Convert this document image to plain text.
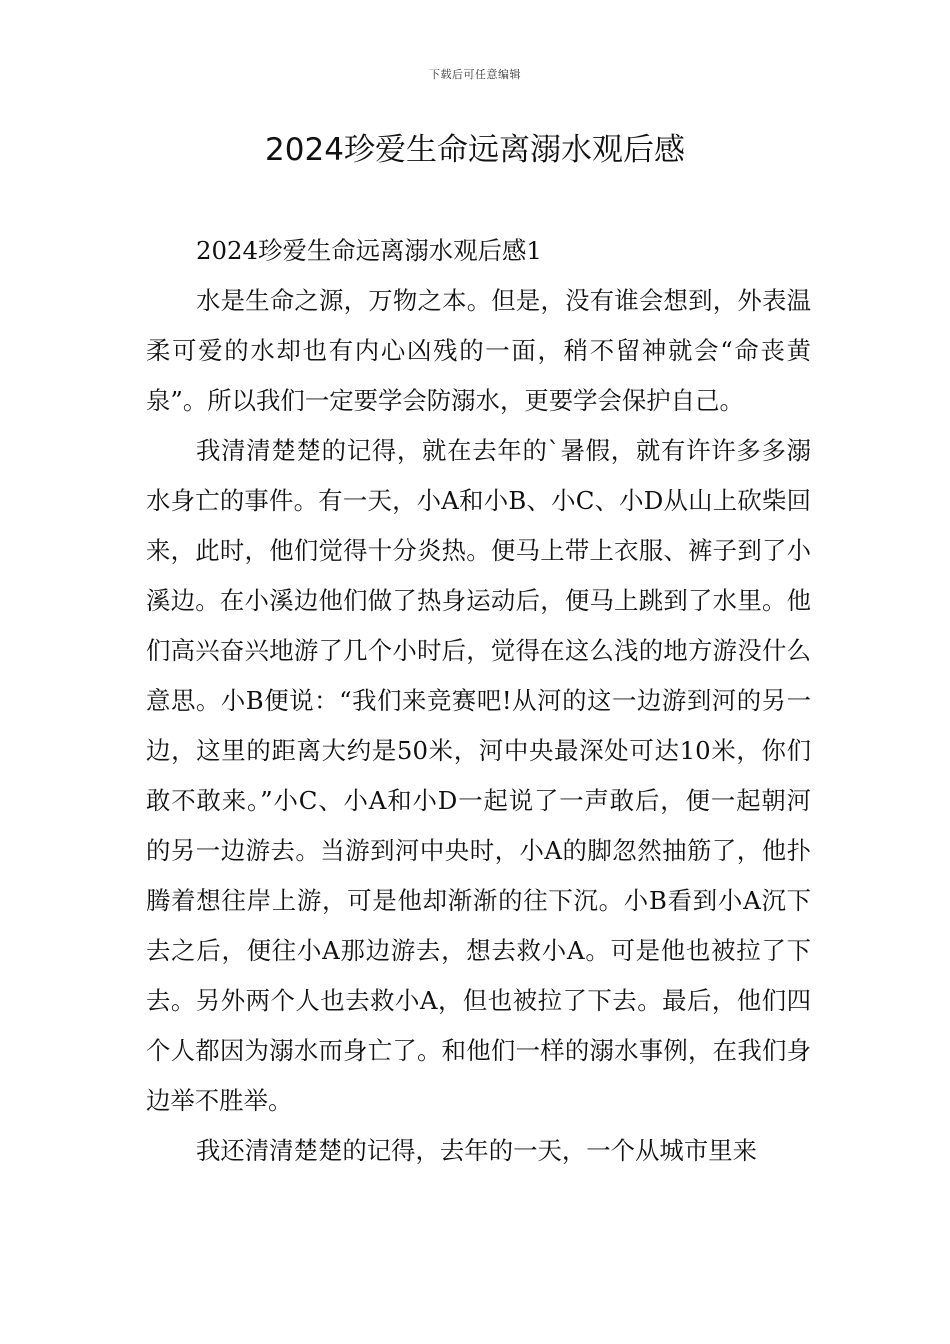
下载后可任意编辑
2024珍爱生命远离溺水观后感

2024珍爱生命远离溺水观后感1

水是生命之源，万物之本。但是，没有谁会想到，外表温柔可爱的水却也有内心凶残的一面，稍不留神就会“命丧黄泉”。所以我们一定要学会防溺水，更要学会保护自己。

我清清楚楚的记得，就在去年的`暑假，就有许许多多溺水身亡的事件。有一天，小A和小B、小C、小D从山上砍柴回来，此时，他们觉得十分炎热。便马上带上衣服、裤子到了小溪边。在小溪边他们做了热身运动后，便马上跳到了水里。他们高兴奋兴地游了几个小时后，觉得在这么浅的地方游没什么意思。小B便说：“我们来竞赛吧!从河的这一边游到河的另一边，这里的距离大约是50米，河中央最深处可达10米，你们敢不敢来。”小C、小A和小D一起说了一声敢后，便一起朝河的另一边游去。当游到河中央时，小A的脚忽然抽筋了，他扑腾着想往岸上游，可是他却渐渐的往下沉。小B看到小A沉下去之后，便往小A那边游去，想去救小A。可是他也被拉了下去。另外两个人也去救小A，但也被拉了下去。最后，他们四个人都因为溺水而身亡了。和他们一样的溺水事例，在我们身边举不胜举。

我还清清楚楚的记得，去年的一天，一个从城市里来
